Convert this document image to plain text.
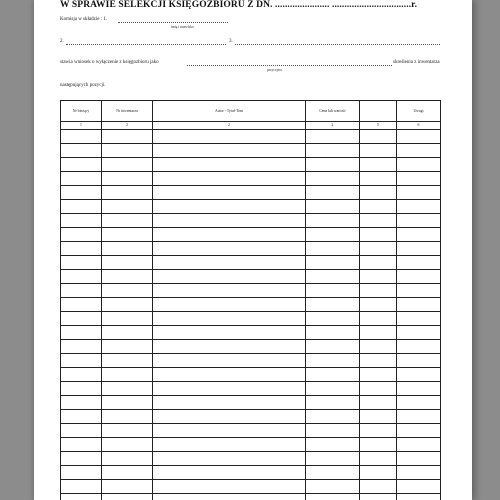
W SPRAWIE SELEKCJI KSIĘGOZBIORU Z DN. ...................... ................................r.
Komisja w składzie : 1.
imię i nazwisko
2.	3.
stawia wniosek o wyłączenie z księgozbioru jako
przyczyna
skreślenia z inwentarza
następujących pozycji.
Nr bieżący	Nr inwentarza	Autor - Tytuł-Tom	Cena lub wartość		Uwagi
1	2	2	2	5	6
